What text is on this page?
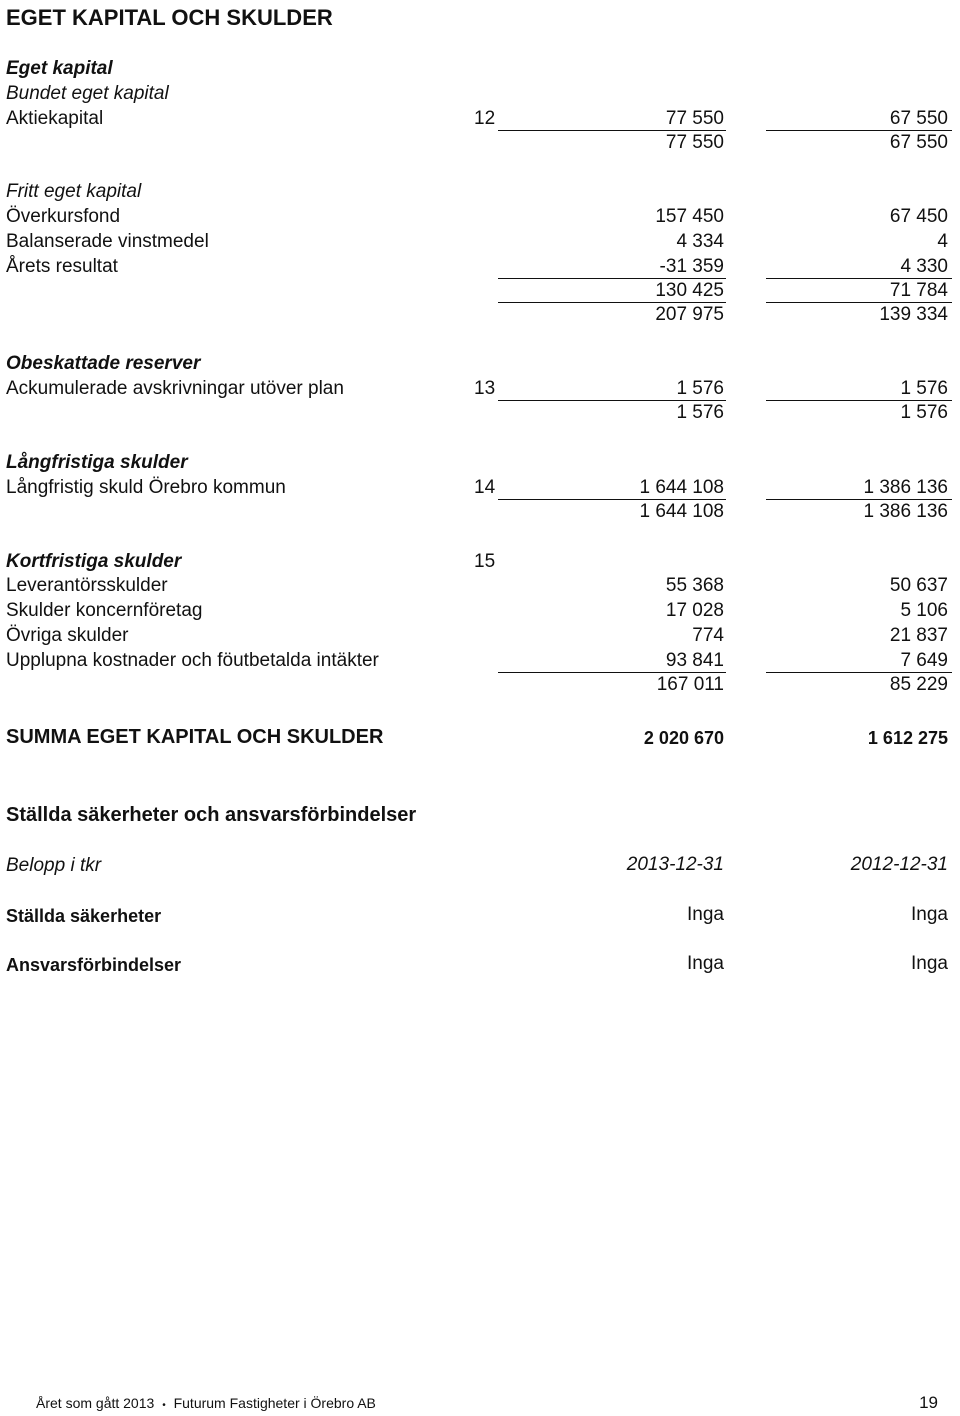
EGET KAPITAL OCH SKULDER
Eget kapital
Bundet eget kapital
Aktiekapital	12	77 550	67 550
77 550	67 550
Fritt eget kapital
Överkursfond	157 450	67 450
Balanserade vinstmedel	4 334	4
Årets resultat	-31 359	4 330
130 425	71 784
207 975	139 334
Obeskattade reserver
Ackumulerade avskrivningar utöver plan	13	1 576	1 576
1 576	1 576
Långfristiga skulder
Långfristig skuld Örebro kommun	14	1 644 108	1 386 136
1 644 108	1 386 136
Kortfristiga skulder	15
Leverantörsskulder	55 368	50 637
Skulder koncernföretag	17 028	5 106
Övriga skulder	774	21 837
Upplupna kostnader och föutbetalda intäkter	93 841	7 649
167 011	85 229
SUMMA EGET KAPITAL OCH SKULDER	2 020 670	1 612 275
Ställda säkerheter och ansvarsförbindelser
Belopp i tkr	2013-12-31	2012-12-31
Ställda säkerheter	Inga	Inga
Ansvarsförbindelser	Inga	Inga
Året som gått 2013 • Futurum Fastigheter i Örebro AB	19
